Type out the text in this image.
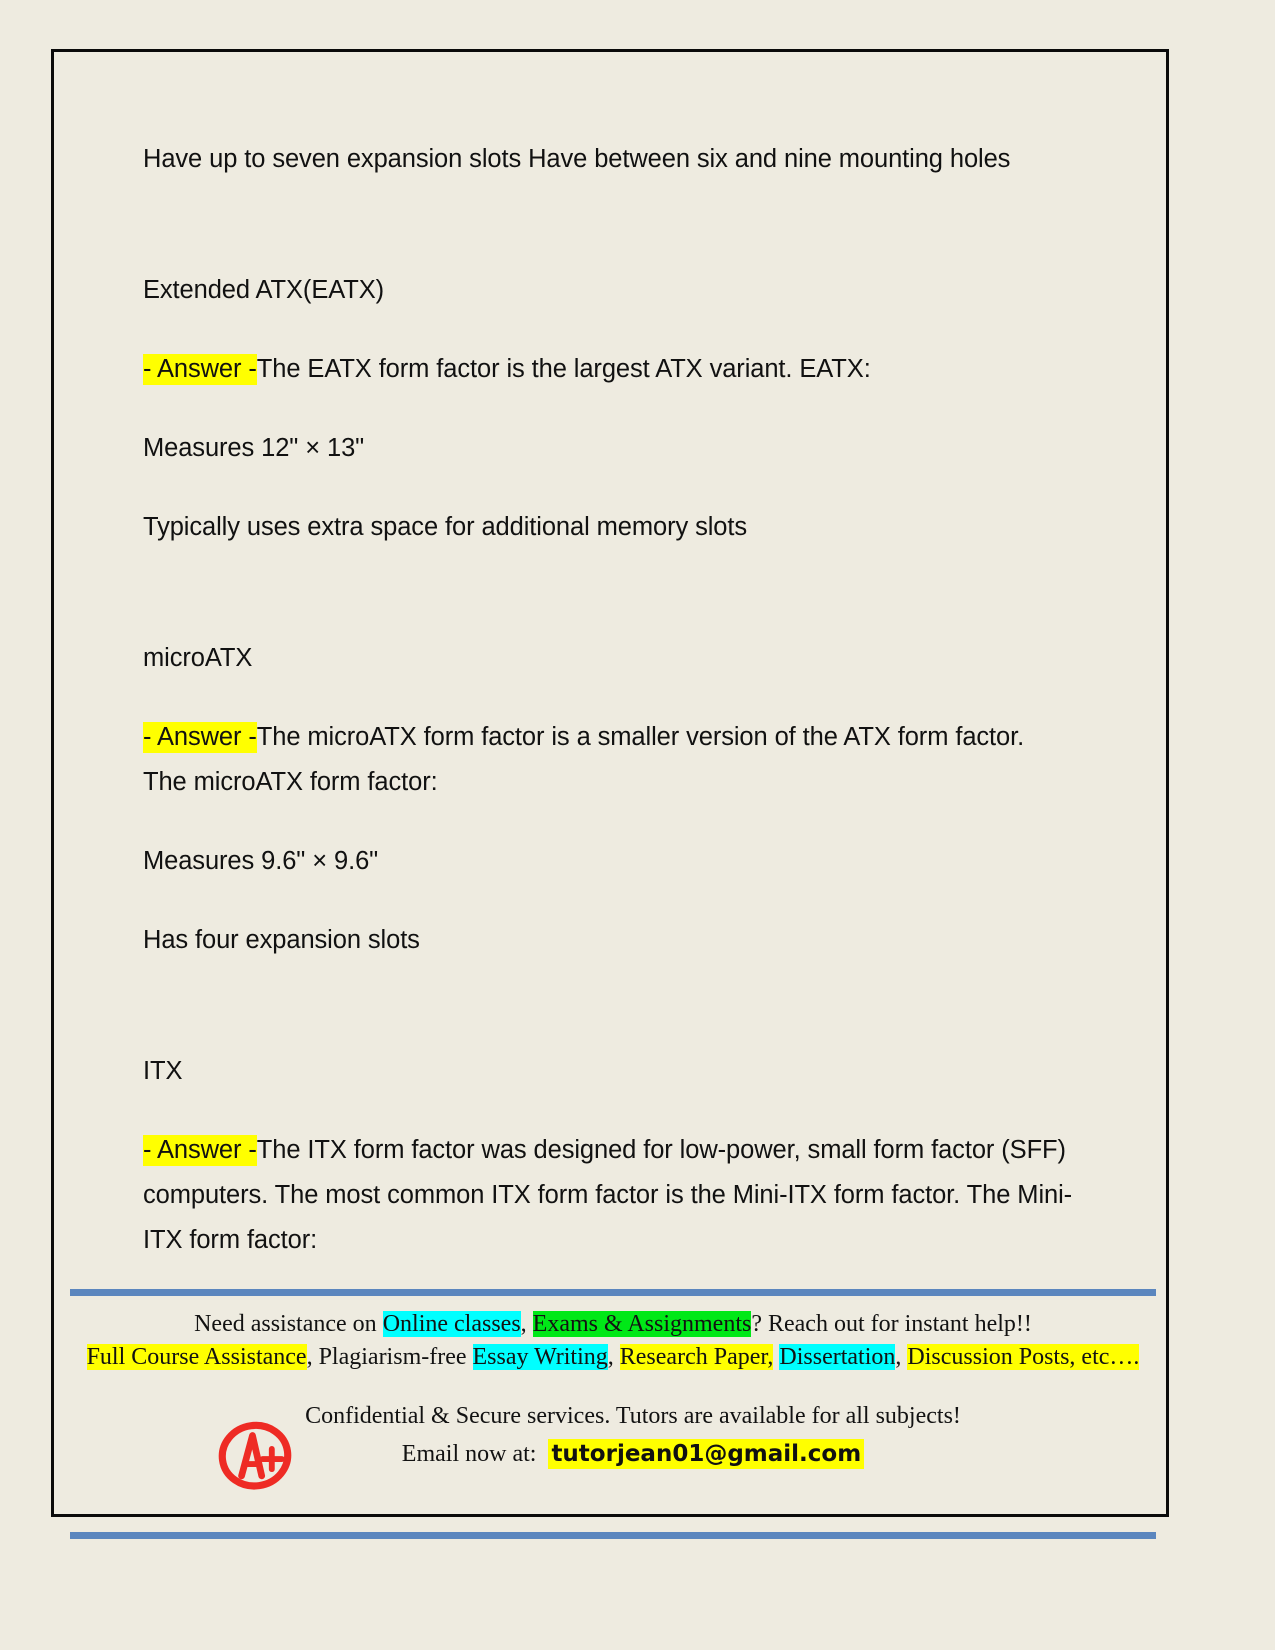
Have up to seven expansion slots Have between six and nine mounting holes

Extended ATX(EATX)

- Answer -The EATX form factor is the largest ATX variant. EATX:

Measures 12" × 13"

Typically uses extra space for additional memory slots

microATX

- Answer -The microATX form factor is a smaller version of the ATX form factor. The microATX form factor:

Measures 9.6" × 9.6"

Has four expansion slots

ITX

- Answer -The ITX form factor was designed for low-power, small form factor (SFF) computers. The most common ITX form factor is the Mini-ITX form factor. The Mini-ITX form factor:

Need assistance on Online classes, Exams & Assignments? Reach out for instant help!!
Full Course Assistance, Plagiarism-free Essay Writing, Research Paper, Dissertation, Discussion Posts, etc….
Confidential & Secure services. Tutors are available for all subjects!
Email now at: tutorjean01@gmail.com
